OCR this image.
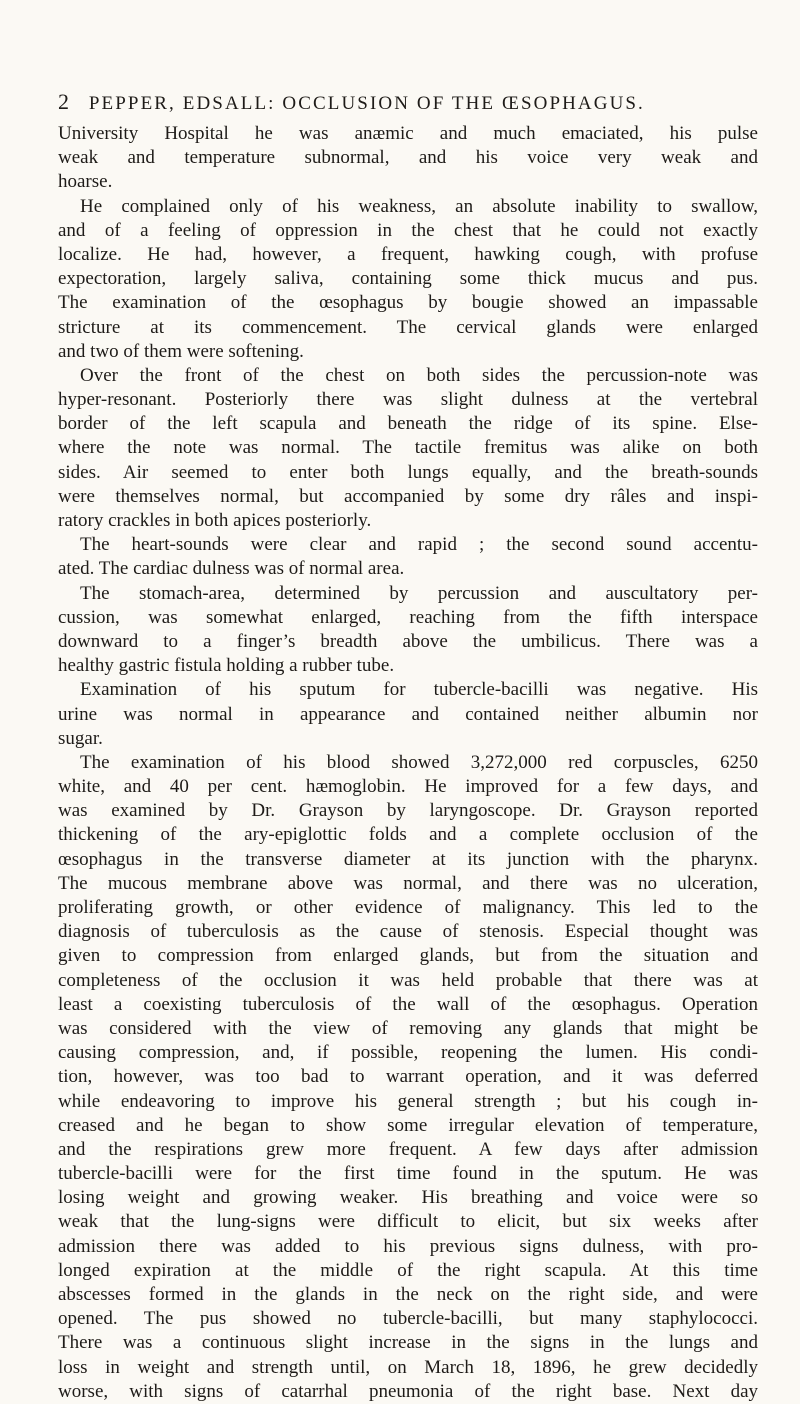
2 PEPPER, EDSALL: OCCLUSION OF THE ŒSOPHAGUS.
University Hospital he was anæmic and much emaciated, his pulse
weak and temperature subnormal, and his voice very weak and
hoarse.
He complained only of his weakness, an absolute inability to swallow,
and of a feeling of oppression in the chest that he could not exactly
localize. He had, however, a frequent, hawking cough, with profuse
expectoration, largely saliva, containing some thick mucus and pus.
The examination of the œsophagus by bougie showed an impassable
stricture at its commencement. The cervical glands were enlarged
and two of them were softening.
Over the front of the chest on both sides the percussion-note was
hyper-resonant. Posteriorly there was slight dulness at the vertebral
border of the left scapula and beneath the ridge of its spine. Else-
where the note was normal. The tactile fremitus was alike on both
sides. Air seemed to enter both lungs equally, and the breath-sounds
were themselves normal, but accompanied by some dry râles and inspi-
ratory crackles in both apices posteriorly.
The heart-sounds were clear and rapid ; the second sound accentu-
ated. The cardiac dulness was of normal area.
The stomach-area, determined by percussion and auscultatory per-
cussion, was somewhat enlarged, reaching from the fifth interspace
downward to a finger’s breadth above the umbilicus. There was a
healthy gastric fistula holding a rubber tube.
Examination of his sputum for tubercle-bacilli was negative. His
urine was normal in appearance and contained neither albumin nor
sugar.
The examination of his blood showed 3,272,000 red corpuscles, 6250
white, and 40 per cent. hæmoglobin. He improved for a few days, and
was examined by Dr. Grayson by laryngoscope. Dr. Grayson reported
thickening of the ary-epiglottic folds and a complete occlusion of the
œsophagus in the transverse diameter at its junction with the pharynx.
The mucous membrane above was normal, and there was no ulceration,
proliferating growth, or other evidence of malignancy. This led to the
diagnosis of tuberculosis as the cause of stenosis. Especial thought was
given to compression from enlarged glands, but from the situation and
completeness of the occlusion it was held probable that there was at
least a coexisting tuberculosis of the wall of the œsophagus. Operation
was considered with the view of removing any glands that might be
causing compression, and, if possible, reopening the lumen. His condi-
tion, however, was too bad to warrant operation, and it was deferred
while endeavoring to improve his general strength ; but his cough in-
creased and he began to show some irregular elevation of temperature,
and the respirations grew more frequent. A few days after admission
tubercle-bacilli were for the first time found in the sputum. He was
losing weight and growing weaker. His breathing and voice were so
weak that the lung-signs were difficult to elicit, but six weeks after
admission there was added to his previous signs dulness, with pro-
longed expiration at the middle of the right scapula. At this time
abscesses formed in the glands in the neck on the right side, and were
opened. The pus showed no tubercle-bacilli, but many staphylococci.
There was a continuous slight increase in the signs in the lungs and
loss in weight and strength until, on March 18, 1896, he grew decidedly
worse, with signs of catarrhal pneumonia of the right base. Next day
